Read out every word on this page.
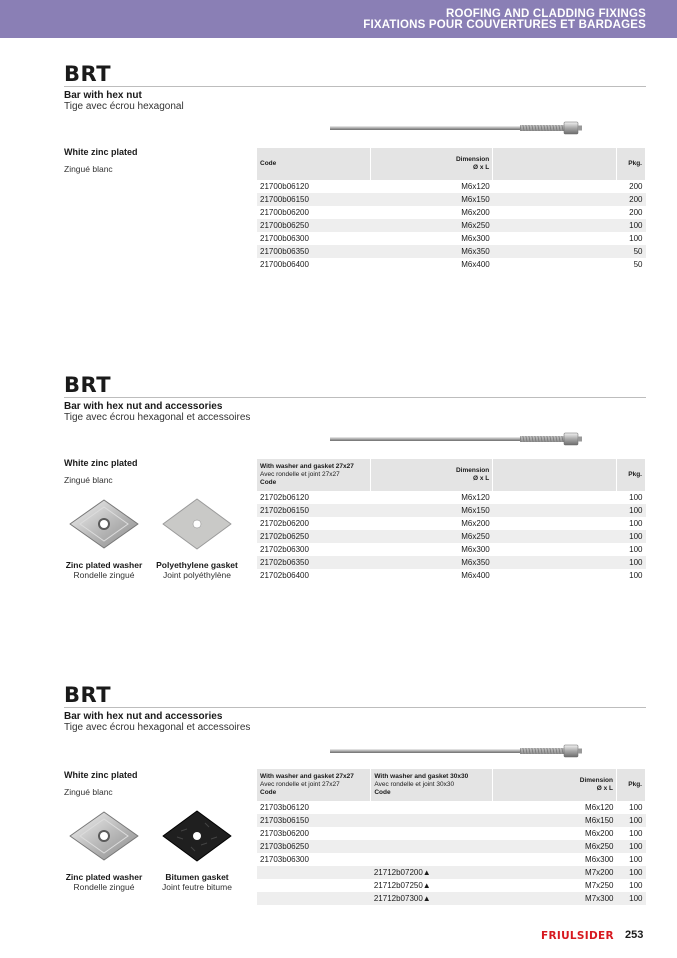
ROOFING AND CLADDING FIXINGS
FIXATIONS POUR COUVERTURES ET BARDAGES
BRT
Bar with hex nut
Tige avec écrou hexagonal
White zinc plated
Zingué blanc
Code	Dimension
Ø x L		Pkg.
21700b06120	M6x120		200
21700b06150	M6x150		200
21700b06200	M6x200		200
21700b06250	M6x250		100
21700b06300	M6x300		100
21700b06350	M6x350		50
21700b06400	M6x400		50
BRT
Bar with hex nut and accessories
Tige avec écrou hexagonal et accessoires
White zinc plated
Zingué blanc
Zinc plated washer
Rondelle zingué
Polyethylene gasket
Joint polyéthylène
With washer and gasket 27x27
Avec rondelle et joint 27x27
Code	Dimension
Ø x L		Pkg.
21702b06120	M6x120		100
21702b06150	M6x150		100
21702b06200	M6x200		100
21702b06250	M6x250		100
21702b06300	M6x300		100
21702b06350	M6x350		100
21702b06400	M6x400		100
BRT
Bar with hex nut and accessories
Tige avec écrou hexagonal et accessoires
White zinc plated
Zingué blanc
Zinc plated washer
Rondelle zingué
Bitumen gasket
Joint feutre bitume
With washer and gasket 27x27
Avec rondelle et joint 27x27
Code	With washer and gasket 30x30
Avec rondelle et joint 30x30
Code	Dimension
Ø x L	Pkg.
21703b06120		M6x120	100
21703b06150		M6x150	100
21703b06200		M6x200	100
21703b06250		M6x250	100
21703b06300		M6x300	100
	21712b07200▲	M7x200	100
	21712b07250▲	M7x250	100
	21712b07300▲	M7x300	100
FRIULSIDER 253
